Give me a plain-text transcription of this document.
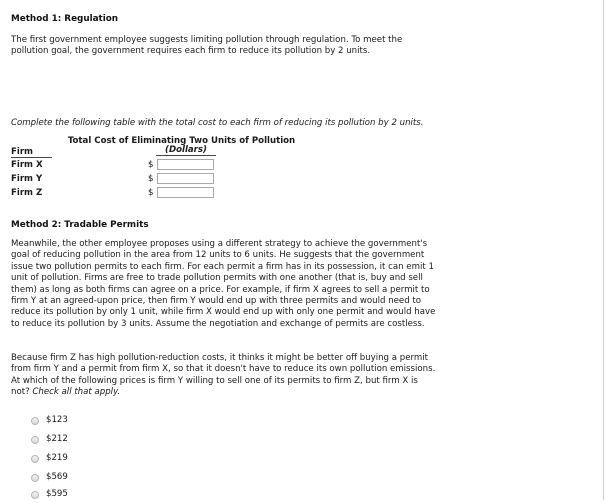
Method 1: Regulation

The first government employee suggests limiting pollution through regulation. To meet the

pollution goal, the government requires each firm to reduce its pollution by 2 units.

Complete the following table with the total cost to each firm of reducing its pollution by 2 units.

Total Cost of Eliminating Two Units of Pollution
(Dollars)
Firm
Firm X	$
Firm Y	$
Firm Z	$
Method 2: Tradable Permits

Meanwhile, the other employee proposes using a different strategy to achieve the government's

goal of reducing pollution in the area from 12 units to 6 units. He suggests that the government

issue two pollution permits to each firm. For each permit a firm has in its possession, it can emit 1

unit of pollution. Firms are free to trade pollution permits with one another (that is, buy and sell

them) as long as both firms can agree on a price. For example, if firm X agrees to sell a permit to

firm Y at an agreed-upon price, then firm Y would end up with three permits and would need to

reduce its pollution by only 1 unit, while firm X would end up with only one permit and would have

to reduce its pollution by 3 units. Assume the negotiation and exchange of permits are costless.

Because firm Z has high pollution-reduction costs, it thinks it might be better off buying a permit

from firm Y and a permit from firm X, so that it doesn't have to reduce its own pollution emissions.

At which of the following prices is firm Y willing to sell one of its permits to firm Z, but firm X is

not? Check all that apply.

$123
$212
$219
$569
$595
